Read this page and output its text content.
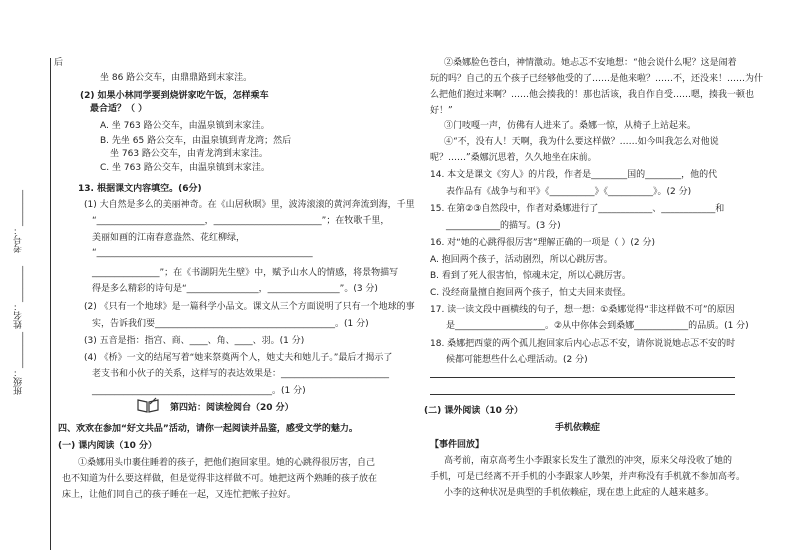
班级：________
姓名：________
考号：________
后
坐 86 路公交车，由鼎鼎路到末家洼。
(2) 如果小林同学要到烧饼家吃午饭，怎样乘车
最合适？（ ）
A. 坐 763 路公交车，由温泉镇到末家洼。
B. 先坐 65 路公交车，由温泉镇到青龙湾；然后
坐 763 路公交车，由青龙湾到末家洼。
C. 坐 763 路公交车，由温泉镇到末家洼。
13. 根据课文内容填空。(6分)
(1) 大自然是多么的美丽神奇。在《山居秋暝》里，波涛滚滚的黄河奔流到海，千里
“________________________，________________________”；在牧歌千里，
美丽如画的江南春意盎然、花红柳绿，
“________________________________________________
_______________”；在《书湖阴先生壁》中，赋予山水人的情感，将景物描写
得是多么精彩的诗句是“________________，________________”。(3 分)
(2) 《只有一个地球》是一篇科学小品文。课文从三个方面说明了只有一个地球的事
实，告诉我们要________________________________________。(1 分)
(3) 五音是指：指宫、商、____、角、____、羽。(1 分)
(4) 《桥》一文的结尾写着“她来祭奠两个人，她丈夫和她儿子。”最后才揭示了
老支书和小伙子的关系，这样写的表达效果是：________________________
________________________________________。(1 分)
第四站：阅读检阅台（20 分）
四、欢欢在参加“好文共品”活动，请你一起阅读并品鉴，感受文学的魅力。
(一) 课内阅读（10 分）
①桑娜用头巾裹住睡着的孩子，把他们抱回家里。她的心跳得很厉害，自己
也不知道为什么要这样做，但是觉得非这样做不可。她把这两个熟睡的孩子放在
床上，让他们同自己的孩子睡在一起，又连忙把帐子拉好。
②桑娜脸色苍白，神情激动。她忐忑不安地想：“他会说什么呢？这是闹着
玩的吗？自己的五个孩子已经够他受的了……是他来啦？……不，还没来！……为什
么把他们抱过来啊？……他会揍我的！那也活该，我自作自受……嗯，揍我一顿也
好！”
③门吱嘎一声，仿佛有人进来了。桑娜一惊，从椅子上站起来。
④“不，没有人！天啊，我为什么要这样做？……如今叫我怎么对他说
呢？……”桑娜沉思着，久久地坐在床前。
14. 本文是课文《穷人》的片段，作者是________国的________，他的代
表作品有《战争与和平》《__________》《__________》。(2 分)
15. 在第②③自然段中，作者对桑娜进行了____________、____________和
____________的描写。(3 分)
16. 对“她的心跳得很厉害”理解正确的一项是（ ）(2 分)
A. 抱回两个孩子，活动剧烈，所以心跳厉害。
B. 看到了死人很害怕，惊魂未定，所以心跳厉害。
C. 没经商量擅自抱回两个孩子，怕丈夫回来责怪。
17. 读一读文段中画横线的句子，想一想：①桑娜觉得“非这样做不可”的原因
是____________________。②从中你体会到桑娜____________的品质。(1 分)
18. 桑娜把西蒙的两个孤儿抱回家后内心忐忑不安，请你说说她忐忑不安的时
候都可能想些什么心理活动。(2 分)
(二) 课外阅读（10 分）
手机依赖症
【事件回放】
高考前，南京高考生小李跟家长发生了激烈的冲突，原来父母没收了她的
手机，可是已经离不开手机的小李跟家人吵架，并声称没有手机就不参加高考。
小李的这种状况是典型的手机依赖症，现在患上此症的人越来越多。
